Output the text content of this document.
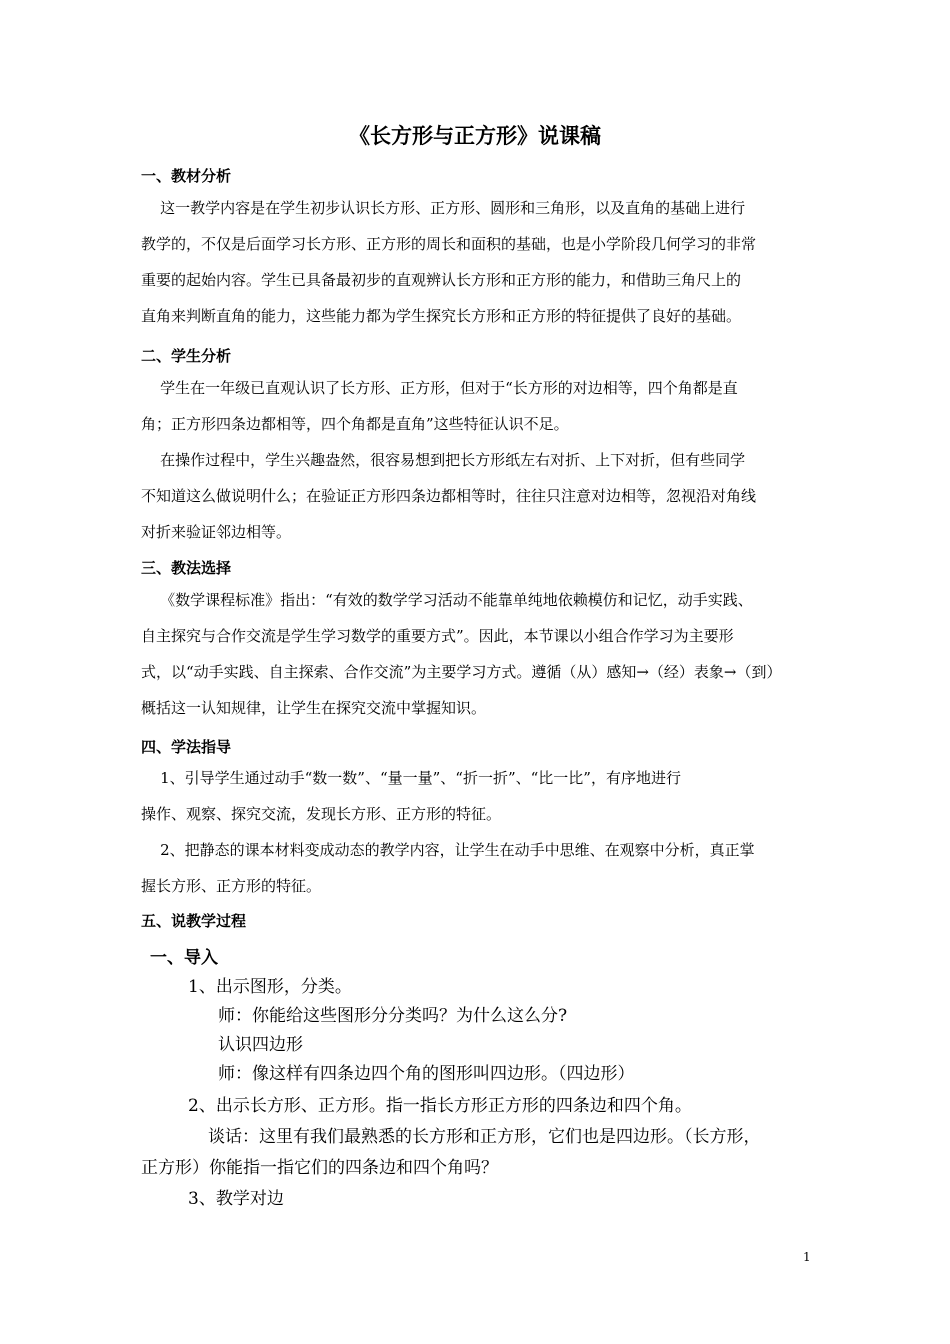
《长方形与正方形》说课稿
一、教材分析
这一教学内容是在学生初步认识长方形、正方形、圆形和三角形，以及直角的基础上进行
教学的，不仅是后面学习长方形、正方形的周长和面积的基础，也是小学阶段几何学习的非常
重要的起始内容。学生已具备最初步的直观辨认长方形和正方形的能力，和借助三角尺上的
直角来判断直角的能力，这些能力都为学生探究长方形和正方形的特征提供了良好的基础。
二、学生分析
学生在一年级已直观认识了长方形、正方形，但对于“长方形的对边相等，四个角都是直
角；正方形四条边都相等，四个角都是直角”这些特征认识不足。
在操作过程中，学生兴趣盎然，很容易想到把长方形纸左右对折、上下对折，但有些同学
不知道这么做说明什么；在验证正方形四条边都相等时，往往只注意对边相等，忽视沿对角线
对折来验证邻边相等。
三、教法选择
《数学课程标准》指出：“有效的数学学习活动不能靠单纯地依赖模仿和记忆，动手实践、
自主探究与合作交流是学生学习数学的重要方式”。因此，本节课以小组合作学习为主要形
式，以“动手实践、自主探索、合作交流”为主要学习方式。遵循（从）感知→（经）表象→（到）
概括这一认知规律，让学生在探究交流中掌握知识。
四、学法指导
1、引导学生通过动手“数一数”、“量一量”、“折一折”、“比一比”，有序地进行
操作、观察、探究交流，发现长方形、正方形的特征。
2、把静态的课本材料变成动态的教学内容，让学生在动手中思维、在观察中分析，真正掌
握长方形、正方形的特征。
五、说教学过程
一、导入
1、出示图形，分类。
师：你能给这些图形分分类吗？为什么这么分?
认识四边形
师：像这样有四条边四个角的图形叫四边形。（四边形）
2、出示长方形、正方形。指一指长方形正方形的四条边和四个角。
谈话：这里有我们最熟悉的长方形和正方形，它们也是四边形。（长方形，
正方形）你能指一指它们的四条边和四个角吗？
3、教学对边
1
